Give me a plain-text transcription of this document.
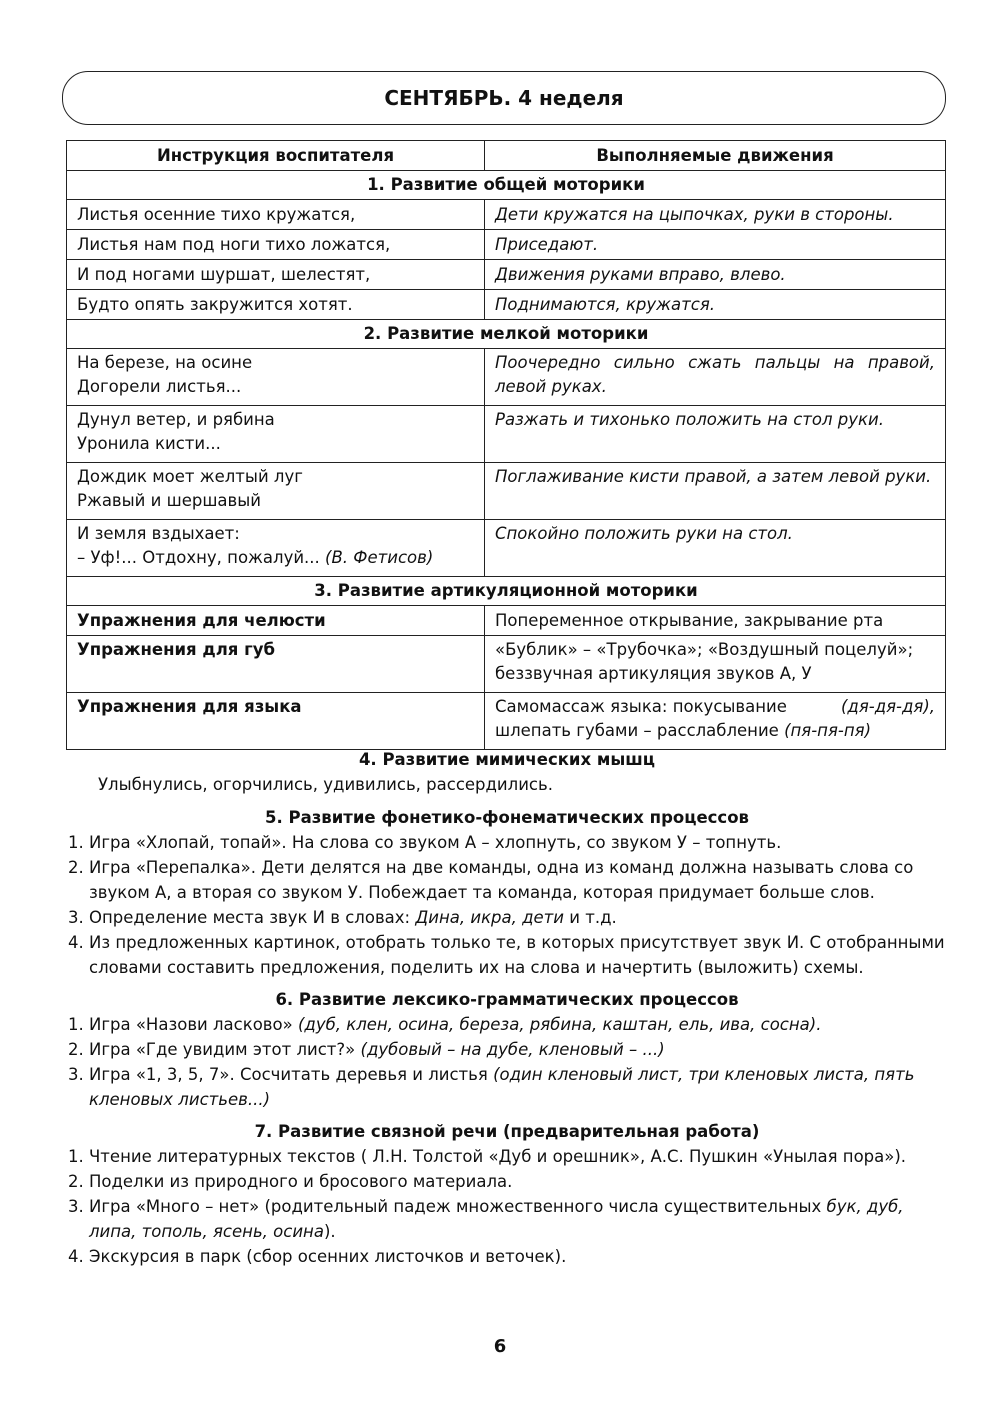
СЕНТЯБРЬ. 4 неделя
Инструкция воспитателя	Выполняемые движения
1. Развитие общей моторики	
Листья осенние тихо кружатся,	Дети кружатся на цыпочках, руки в стороны.
Листья нам под ноги тихо ложатся,	Приседают.
И под ногами шуршат, шелестят,	Движения руками вправо, влево.
Будто опять закружится хотят.	Поднимаются, кружатся.
2. Развитие мелкой моторики	

На березе, на осине
Догорели листья...	Поочередно сильно сжать пальцы на правой, левой руках.

Дунул ветер, и рябина
Уронила кисти...	Разжать и тихонько положить на стол руки.

Дождик моет желтый луг
Ржавый и шершавый	Поглаживание кисти правой, а затем левой руки.

И земля вздыхает:
– Уф!... Отдохну, пожалуй... (В. Фетисов)	Спокойно положить руки на стол.
3. Развитие артикуляционной моторики	
Упражнения для челюсти	Попеременное открывание, закрывание рта
Упражнения для губ	«Бублик» – «Трубочка»; «Воздушный поцелуй»;
беззвучная артикуляция звуков А, У

Упражнения для языка	Самомассаж языка: покусывание (дя-дя-дя),
шлепать губами – расслабление (пя-пя-пя)
4. Развитие мимических мышц
Улыбнулись, огорчились, удивились, рассердились.
5. Развитие фонетико-фонематических процессов
1. Игра «Хлопай, топай». На слова со звуком А – хлопнуть, со звуком У – топнуть.
2. Игра «Перепалка». Дети делятся на две команды, одна из команд должна называть слова со звуком А, а вторая со звуком У. Побеждает та команда, которая придумает больше слов.
3. Определение места звук И в словах: Дина, икра, дети и т.д.
4. Из предложенных картинок, отобрать только те, в которых присутствует звук И. С отобранными словами составить предложения, поделить их на слова и начертить (выложить) схемы.
6. Развитие лексико-грамматических процессов
1. Игра «Назови ласково» (дуб, клен, осина, береза, рябина, каштан, ель, ива, сосна).
2. Игра «Где увидим этот лист?» (дубовый – на дубе, кленовый – ...)
3. Игра «1, 3, 5, 7». Сосчитать деревья и листья (один кленовый лист, три кленовых листа, пять кленовых листьев...)
7. Развитие связной речи (предварительная работа)
1. Чтение литературных текстов ( Л.Н. Толстой «Дуб и орешник», А.С. Пушкин «Унылая пора»).
2. Поделки из природного и бросового материала.
3. Игра «Много – нет» (родительный падеж множественного числа существительных бук, дуб, липа, тополь, ясень, осина).
4. Экскурсия в парк (сбор осенних листочков и веточек).
6
